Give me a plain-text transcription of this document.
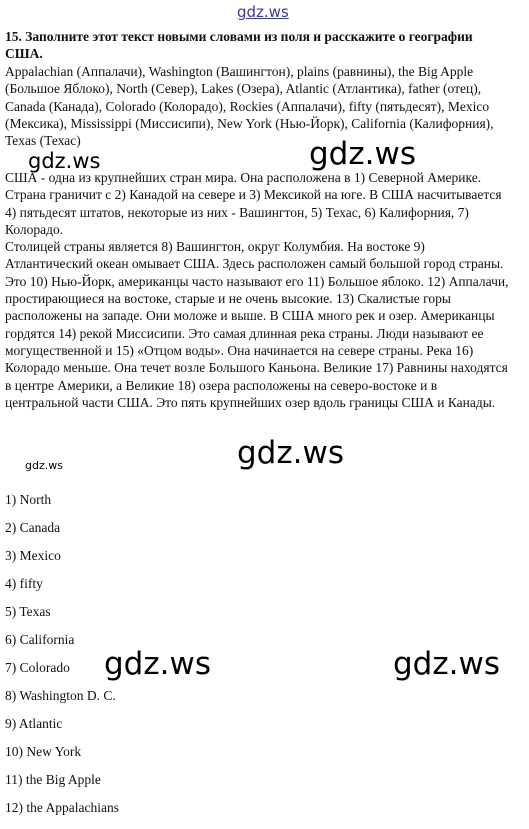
gdz.ws
15. Заполните этот текст новыми словами из поля и расскажите о географии США.
Appalachian (Аппалачи), Washington (Вашингтон), plains (равнины), the Big Apple (Большое Яблоко), North (Север), Lakes (Озера), Atlantic (Атлантика), father (отец), Canada (Канада), Colorado (Колорадо), Rockies (Аппалачи), fifty (пятьдесят), Mexico (Мексика), Mississippi (Миссисипи), New York (Нью-Йорк), California (Калифорния), Texas (Техас)
США - одна из крупнейших стран мира. Она расположена в 1) Северной Америке. Страна граничит с 2) Канадой на севере и 3) Мексикой на юге. В США насчитывается 4) пятьдесят штатов, некоторые из них - Вашингтон, 5) Техас, 6) Калифорния, 7) Колорадо.
Столицей страны является 8) Вашингтон, округ Колумбия. На востоке 9) Атлантический океан омывает США. Здесь расположен самый большой город страны. Это 10) Нью-Йорк, американцы часто называют его 11) Большое яблоко. 12) Аппалачи, простирающиеся на востоке, старые и не очень высокие. 13) Скалистые горы расположены на западе. Они моложе и выше. В США много рек и озер. Американцы гордятся 14) рекой Миссисипи. Это самая длинная река страны. Люди называют ее могущественной и 15) «Отцом воды». Она начинается на севере страны. Река 16) Колорадо меньше. Она течет возле Большого Каньона. Великие 17) Равнины находятся в центре Америки, а Великие 18) озера расположены на северо-востоке и в центральной части США. Это пять крупнейших озер вдоль границы США и Канады.
1) North
2) Canada
3) Mexico
4) fifty
5) Texas
6) California
7) Colorado
8) Washington D. C.
9) Atlantic
10) New York
11) the Big Apple
12) the Appalachians
gdz.ws	gdz.ws
gdz.ws
gdz.ws
gdz.ws	gdz.ws
